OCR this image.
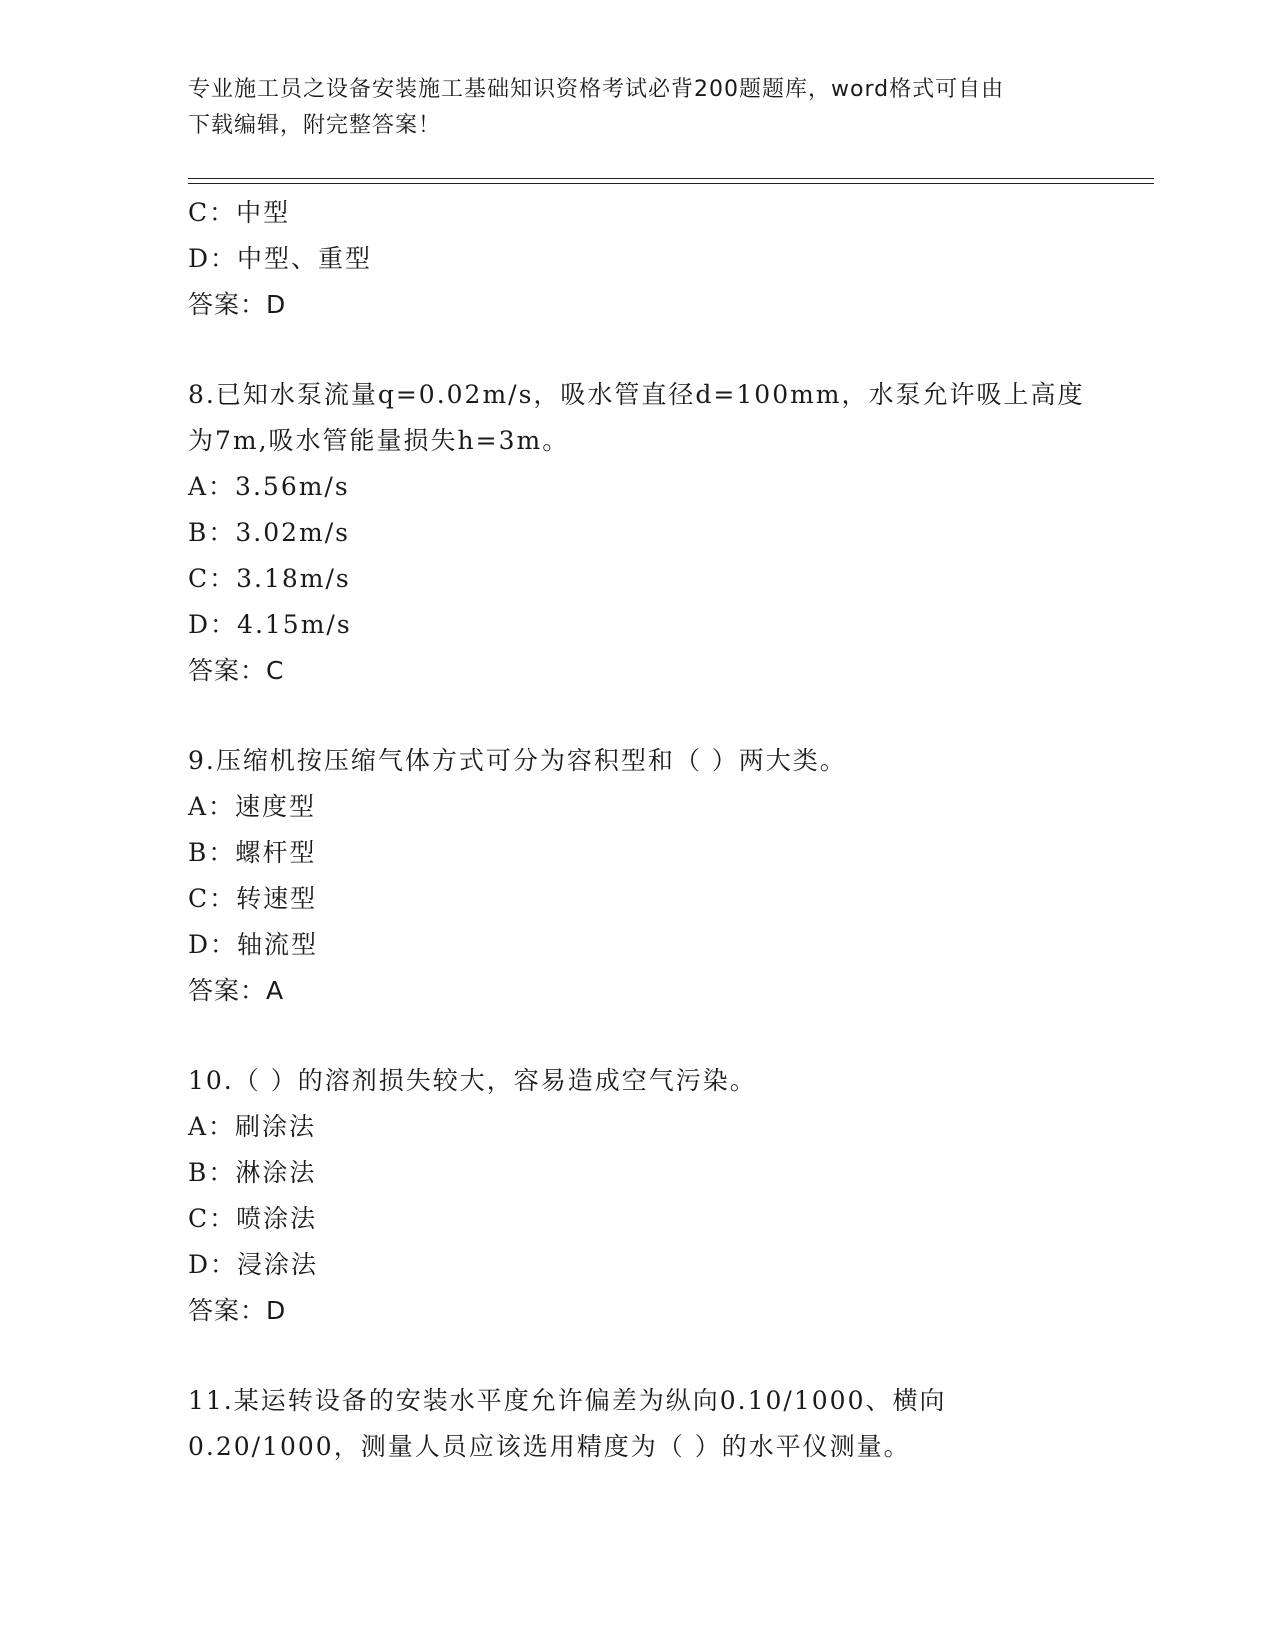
专业施工员之设备安装施工基础知识资格考试必背200题题库，word格式可自由
下载编辑，附完整答案！
C：中型
D：中型、重型
答案：D
8.已知水泵流量q=0.02m/s，吸水管直径d=100mm，水泵允许吸上高度
为7m,吸水管能量损失h=3m。
A：3.56m/s
B：3.02m/s
C：3.18m/s
D：4.15m/s
答案：C
9.压缩机按压缩气体方式可分为容积型和（ ）两大类。
A：速度型
B：螺杆型
C：转速型
D：轴流型
答案：A
10.（ ）的溶剂损失较大，容易造成空气污染。
A：刷涂法
B：淋涂法
C：喷涂法
D：浸涂法
答案：D
11.某运转设备的安装水平度允许偏差为纵向0.10/1000、横向
0.20/1000，测量人员应该选用精度为（ ）的水平仪测量。
